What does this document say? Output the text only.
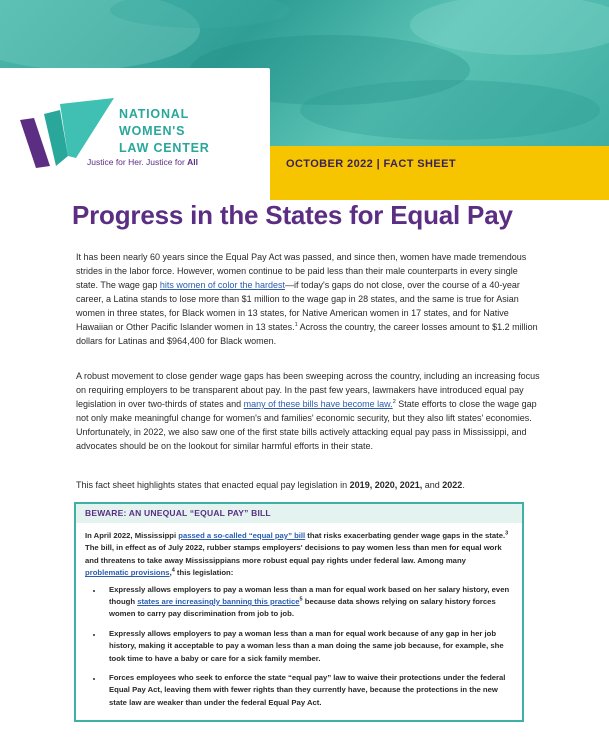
OCTOBER 2022 | FACT SHEET
NATIONAL
WOMEN'S
LAW CENTER
Justice for Her. Justice for All
Progress in the States for Equal Pay

It has been nearly 60 years since the Equal Pay Act was passed, and since then, women have made tremendous strides in the labor force. However, women continue to be paid less than their male counterparts in every single state. The wage gap hits women of color the hardest—if today's gaps do not close, over the course of a 40-year career, a Latina stands to lose more than $1 million to the wage gap in 28 states, and the same is true for Asian women in three states, for Black women in 13 states, for Native American women in 17 states, and for Native Hawaiian or Other Pacific Islander women in 13 states.$^1$ Across the country, the career losses amount to $1.2 million dollars for Latinas and $964,400 for Black women.

A robust movement to close gender wage gaps has been sweeping across the country, including an increasing focus on requiring employers to be transparent about pay. In the past few years, lawmakers have introduced equal pay legislation in over two-thirds of states and many of these bills have become law.$^2$ State efforts to close the wage gap not only make meaningful change for women's and families' economic security, but they also lift states' economies. Unfortunately, in 2022, we also saw one of the first state bills actively attacking equal pay pass in Mississippi, and advocates should be on the lookout for similar harmful efforts in their state.

This fact sheet highlights states that enacted equal pay legislation in 2019, 2020, 2021, and 2022.

BEWARE: AN UNEQUAL “EQUAL PAY” BILL

In April 2022, Mississippi passed a so-called “equal pay” bill that risks exacerbating gender wage gaps in the state.$^3$ The bill, in effect as of July 2022, rubber stamps employers' decisions to pay women less than men for equal work and threatens to take away Mississippians more robust equal pay rights under federal law. Among many problematic provisions,$^4$ this legislation:

• Expressly allows employers to pay a woman less than a man for equal work based on her salary history, even though states are increasingly banning this practice$^5$ because data shows relying on salary history forces women to carry pay discrimination from job to job.
• Expressly allows employers to pay a woman less than a man for equal work because of any gap in her job history, making it acceptable to pay a woman less than a man doing the same job because, for example, she took time to have a baby or care for a sick family member.
• Forces employees who seek to enforce the state “equal pay” law to waive their protections under the federal Equal Pay Act, leaving them with fewer rights than they currently have, because the protections in the new state law are weaker than under the federal Equal Pay Act.
